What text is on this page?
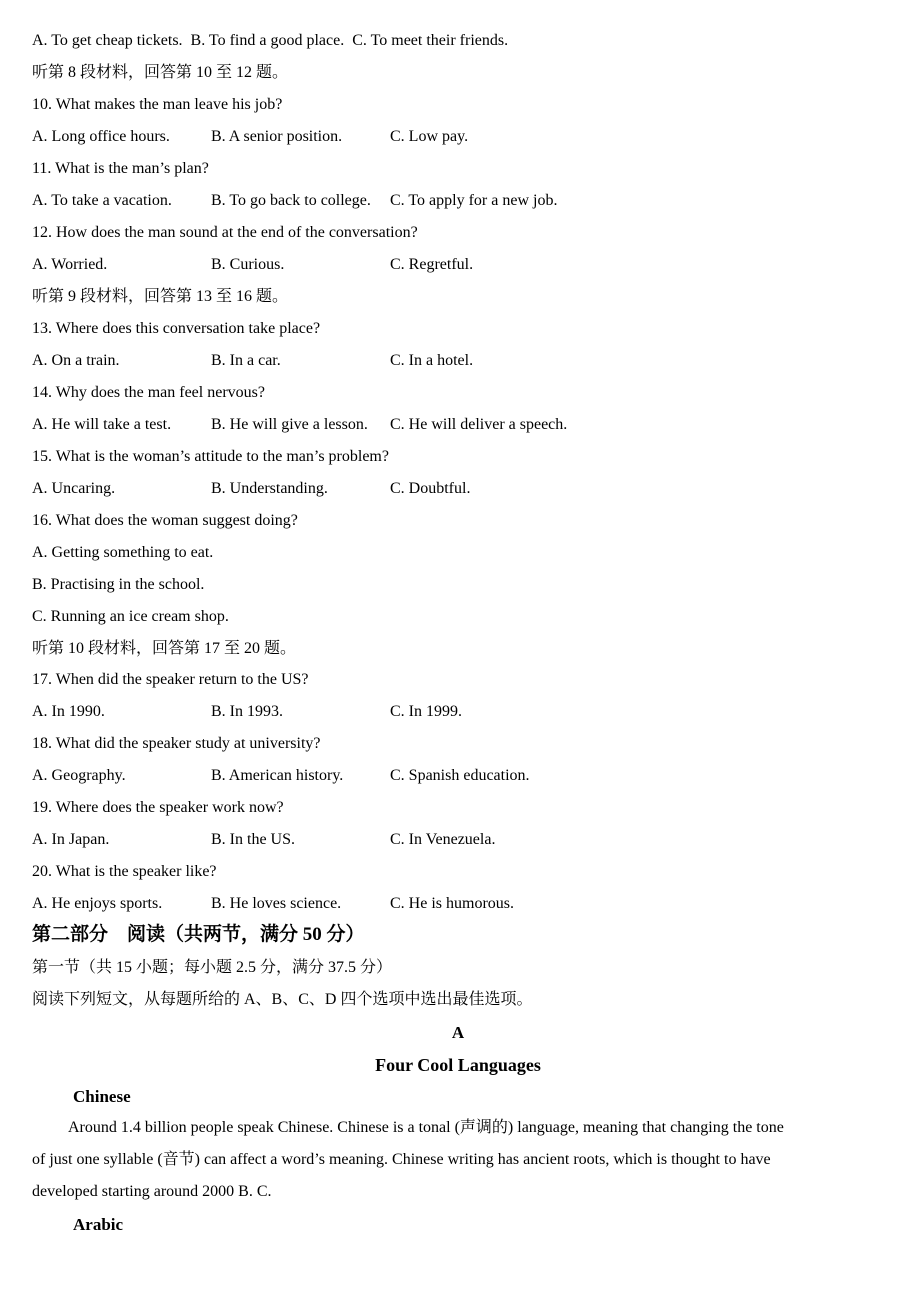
A. To get cheap tickets. B. To find a good place. C. To meet their friends.
听第 8 段材料，回答第 10 至 12 题。
10. What makes the man leave his job?
A. Long office hours.	B. A senior position.	C. Low pay.
11. What is the man’s plan?
A. To take a vacation. B. To go back to college. C. To apply for a new job.
12. How does the man sound at the end of the conversation?
A. Worried.	B. Curious.	C. Regretful.
听第 9 段材料，回答第 13 至 16 题。
13. Where does this conversation take place?
A. On a train.	B. In a car.	C. In a hotel.
14. Why does the man feel nervous?
A. He will take a test. B. He will give a lesson. C. He will deliver a speech.
15. What is the woman’s attitude to the man’s problem?
A. Uncaring.	B. Understanding.	C. Doubtful.
16. What does the woman suggest doing?
A. Getting something to eat.
B. Practising in the school.
C. Running an ice cream shop.
听第 10 段材料，回答第 17 至 20 题。
17. When did the speaker return to the US?
A. In 1990.	B. In 1993.	C. In 1999.
18. What did the speaker study at university?
A. Geography.	B. American history.	C. Spanish education.
19. Where does the speaker work now?
A. In Japan.	B. In the US.	C. In Venezuela.
20. What is the speaker like?
A. He enjoys sports.	B. He loves science.	C. He is humorous.
第二部分　阅读（共两节，满分 50 分）
第一节（共 15 小题；每小题 2.5 分，满分 37.5 分）
阅读下列短文，从每题所给的 A、B、C、D 四个选项中选出最佳选项。
A
Four Cool Languages
Chinese
Around 1.4 billion people speak Chinese. Chinese is a tonal (声调的) language, meaning that changing the tone
of just one syllable (音节) can affect a word’s meaning. Chinese writing has ancient roots, which is thought to have
developed starting around 2000 B. C.
Arabic
